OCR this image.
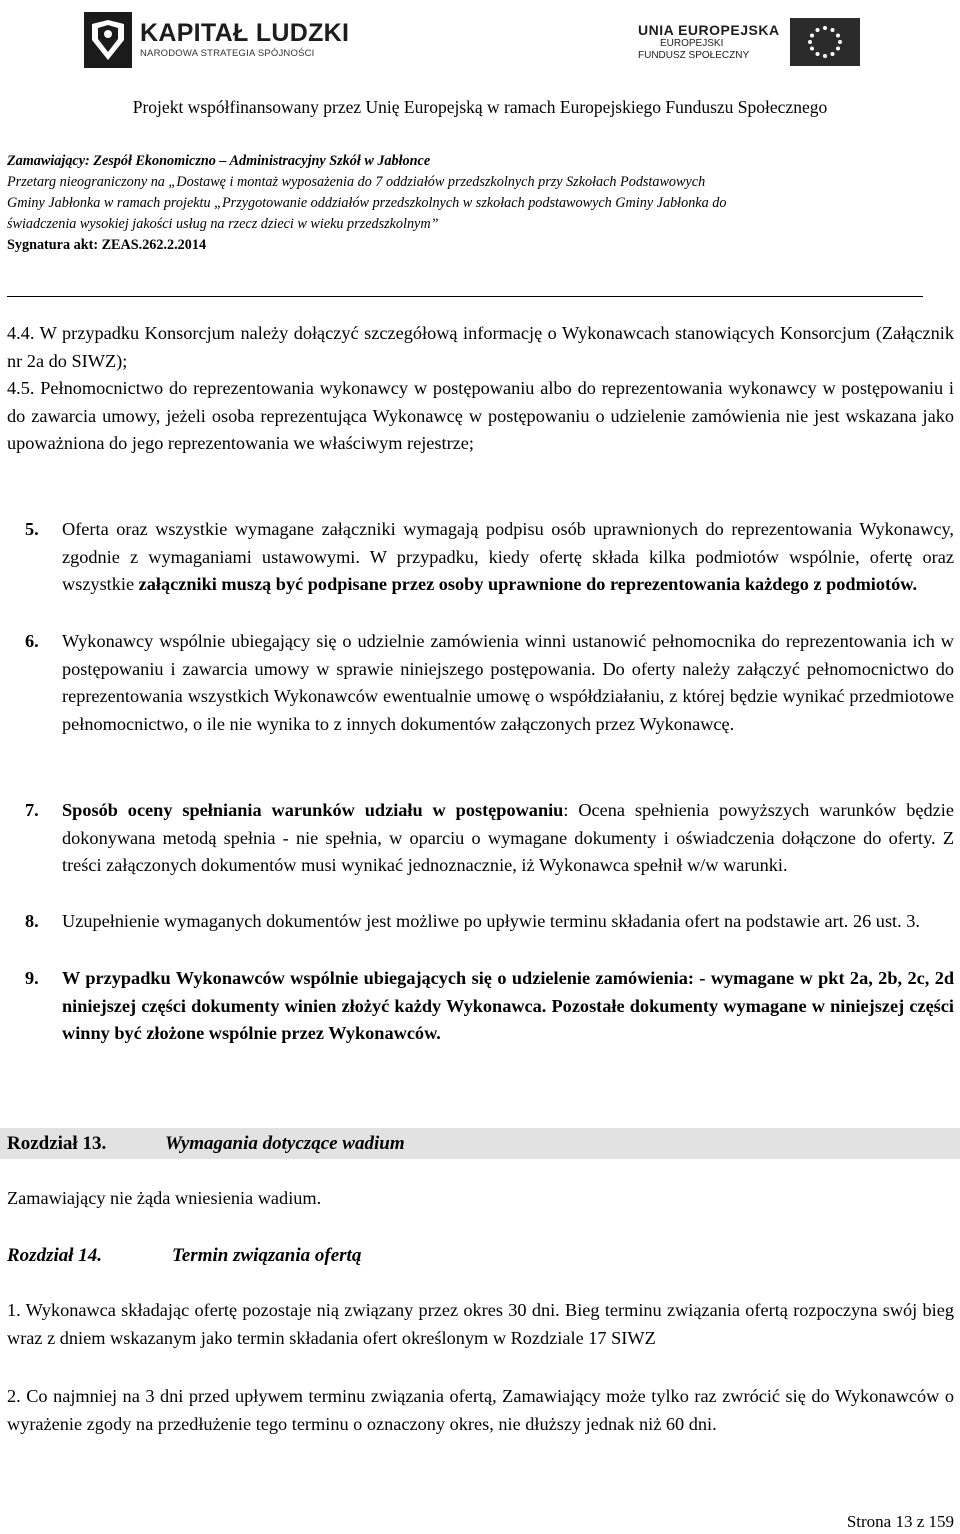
KAPITAŁ LUDZKI
NARODOWA STRATEGIA SPÓJNOŚCI
UNIA EUROPEJSKA
EUROPEJSKI
FUNDUSZ SPOŁECZNY
Projekt współfinansowany przez Unię Europejską w ramach Europejskiego Funduszu Społecznego
Zamawiający: Zespół Ekonomiczno – Administracyjny Szkół w Jabłonce
Przetarg nieograniczony na „Dostawę i montaż wyposażenia do 7 oddziałów przedszkolnych przy Szkołach Podstawowych
Gminy Jabłonka w ramach projektu „Przygotowanie oddziałów przedszkolnych w szkołach podstawowych Gminy Jabłonka do
świadczenia wysokiej jakości usług na rzecz dzieci w wieku przedszkolnym”
Sygnatura akt: ZEAS.262.2.2014
4.4. W przypadku Konsorcjum należy dołączyć szczegółową informację o Wykonawcach stanowiących Konsorcjum (Załącznik nr 2a do SIWZ);
4.5. Pełnomocnictwo do reprezentowania wykonawcy w postępowaniu albo do reprezentowania wykonawcy w postępowaniu i do zawarcia umowy, jeżeli osoba reprezentująca Wykonawcę w postępowaniu o udzielenie zamówienia nie jest wskazana jako upoważniona do jego reprezentowania we właściwym rejestrze;
5. Oferta oraz wszystkie wymagane załączniki wymagają podpisu osób uprawnionych do reprezentowania Wykonawcy, zgodnie z wymaganiami ustawowymi. W przypadku, kiedy ofertę składa kilka podmiotów wspólnie, ofertę oraz wszystkie załączniki muszą być podpisane przez osoby uprawnione do reprezentowania każdego z podmiotów.
6. Wykonawcy wspólnie ubiegający się o udzielnie zamówienia winni ustanowić pełnomocnika do reprezentowania ich w postępowaniu i zawarcia umowy w sprawie niniejszego postępowania. Do oferty należy załączyć pełnomocnictwo do reprezentowania wszystkich Wykonawców ewentualnie umowę o współdziałaniu, z której będzie wynikać przedmiotowe pełnomocnictwo, o ile nie wynika to z innych dokumentów załączonych przez Wykonawcę.
7. Sposób oceny spełniania warunków udziału w postępowaniu: Ocena spełnienia powyższych warunków będzie dokonywana metodą spełnia - nie spełnia, w oparciu o wymagane dokumenty i oświadczenia dołączone do oferty. Z treści załączonych dokumentów musi wynikać jednoznacznie, iż Wykonawca spełnił w/w warunki.
8. Uzupełnienie wymaganych dokumentów jest możliwe po upływie terminu składania ofert na podstawie art. 26 ust. 3.
9. W przypadku Wykonawców wspólnie ubiegających się o udzielenie zamówienia: - wymagane w pkt 2a, 2b, 2c, 2d niniejszej części dokumenty winien złożyć każdy Wykonawca. Pozostałe dokumenty wymagane w niniejszej części winny być złożone wspólnie przez Wykonawców.
Rozdział 13.	Wymagania dotyczące wadium
Zamawiający nie żąda wniesienia wadium.
Rozdział 14.	Termin związania ofertą
1. Wykonawca składając ofertę pozostaje nią związany przez okres 30 dni. Bieg terminu związania ofertą rozpoczyna swój bieg wraz z dniem wskazanym jako termin składania ofert określonym w Rozdziale 17 SIWZ
2. Co najmniej na 3 dni przed upływem terminu związania ofertą, Zamawiający może tylko raz zwrócić się do Wykonawców o wyrażenie zgody na przedłużenie tego terminu o oznaczony okres, nie dłuższy jednak niż 60 dni.
Strona 13 z 159
